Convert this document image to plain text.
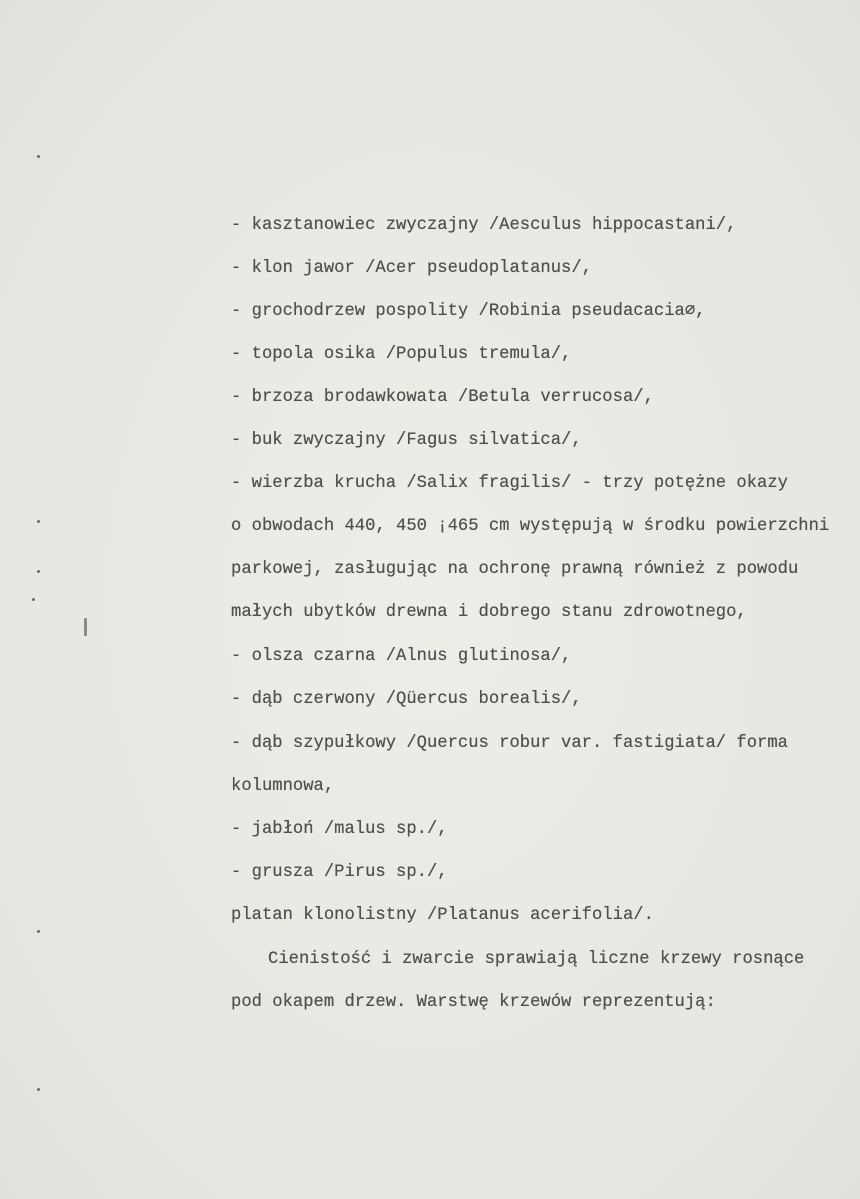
- kasztanowiec zwyczajny /Aesculus hippocastani/,
- klon jawor /Acer pseudoplatanus/,
- grochodrzew pospolity /Robinia pseudacacia∅,
- topola osika /Populus tremula/,
- brzoza brodawkowata /Betula verrucosa/,
- buk zwyczajny /Fagus silvatica/,
- wierzba krucha /Salix fragilis/ - trzy potężne okazy
o obwodach 440, 450 ¡465 cm występują w środku powierzchni
parkowej, zasługując na ochronę prawną również z powodu
małych ubytków drewna i dobrego stanu zdrowotnego,
- olsza czarna /Alnus glutinosa/,
- dąb czerwony /Qüercus borealis/,
- dąb szypułkowy /Quercus robur var. fastigiata/ forma
kolumnowa,
- jabłoń /malus sp./,
- grusza /Pirus sp./,
platan klonolistny /Platanus acerifolia/.
Cienistość i zwarcie sprawiają liczne krzewy rosnące
pod okapem drzew. Warstwę krzewów reprezentują:
